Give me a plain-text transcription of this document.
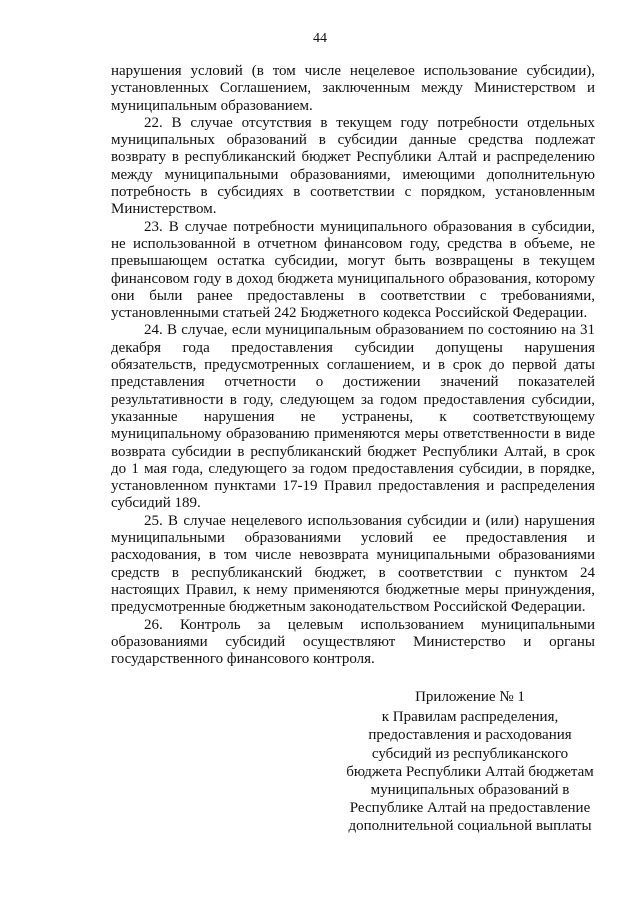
44

нарушения условий (в том числе нецелевое использование субсидии), установленных Соглашением, заключенным между Министерством и муниципальным образованием.

22. В случае отсутствия в текущем году потребности отдельных муниципальных образований в субсидии данные средства подлежат возврату в республиканский бюджет Республики Алтай и распределению между муниципальными образованиями, имеющими дополнительную потребность в субсидиях в соответствии с порядком, установленным Министерством.

23. В случае потребности муниципального образования в субсидии, не использованной в отчетном финансовом году, средства в объеме, не превышающем остатка субсидии, могут быть возвращены в текущем финансовом году в доход бюджета муниципального образования, которому они были ранее предоставлены в соответствии с требованиями, установленными статьей 242 Бюджетного кодекса Российской Федерации.

24. В случае, если муниципальным образованием по состоянию на 31 декабря года предоставления субсидии допущены нарушения обязательств, предусмотренных соглашением, и в срок до первой даты представления отчетности о достижении значений показателей результативности в году, следующем за годом предоставления субсидии, указанные нарушения не устранены, к соответствующему муниципальному образованию применяются меры ответственности в виде возврата субсидии в республиканский бюджет Республики Алтай, в срок до 1 мая года, следующего за годом предоставления субсидии, в порядке, установленном пунктами 17-19 Правил предоставления и распределения субсидий 189.

25. В случае нецелевого использования субсидии и (или) нарушения муниципальными образованиями условий ее предоставления и расходования, в том числе невозврата муниципальными образованиями средств в республиканский бюджет, в соответствии с пунктом 24 настоящих Правил, к нему применяются бюджетные меры принуждения, предусмотренные бюджетным законодательством Российской Федерации.

26. Контроль за целевым использованием муниципальными образованиями субсидий осуществляют Министерство и органы государственного финансового контроля.

Приложение № 1
к Правилам распределения,
предоставления и расходования
субсидий из республиканского
бюджета Республики Алтай бюджетам
муниципальных образований в
Республике Алтай на предоставление
дополнительной социальной выплаты
